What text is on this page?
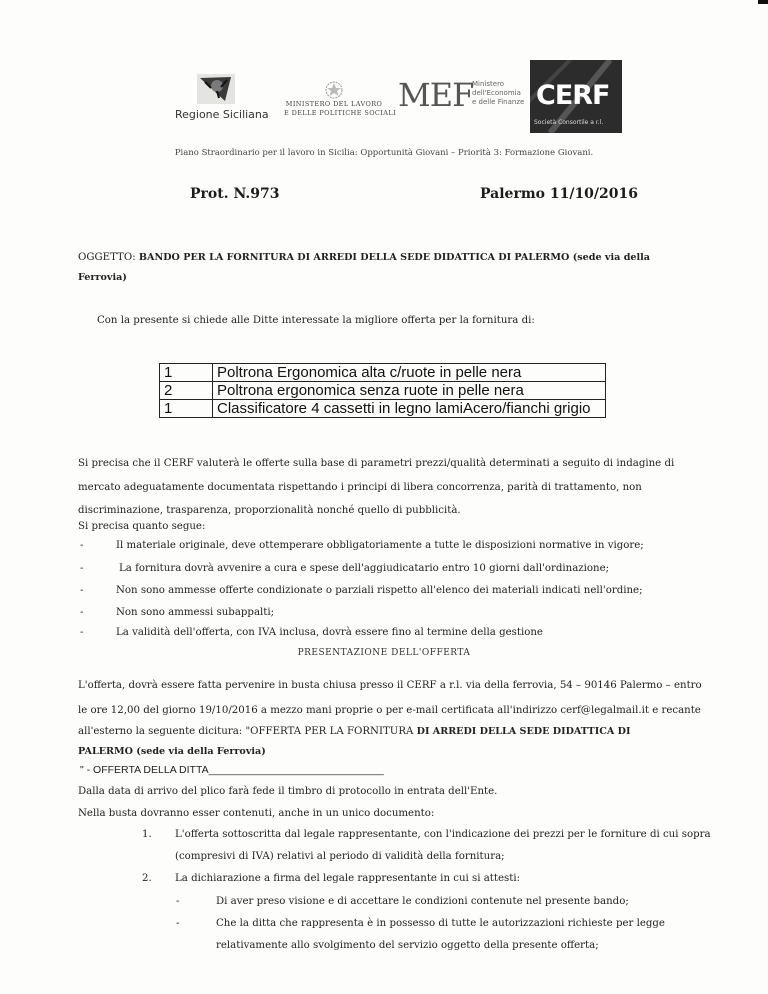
Regione Siciliana
MINISTERO DEL LAVORO
E DELLE POLITICHE SOCIALI MEF
Ministero
dell'Economia
e delle Finanze CERF
Società Consortile a r.l.
Piano Straordinario per il lavoro in Sicilia: Opportunità Giovani – Priorità 3: Formazione Giovani.
Prot. N.973	Palermo 11/10/2016
OGGETTO: BANDO PER LA FORNITURA DI ARREDI DELLA SEDE DIDATTICA DI PALERMO (sede via della Ferrovia)
Con la presente si chiede alle Ditte interessate la migliore offerta per la fornitura di:
1	Poltrona Ergonomica alta c/ruote in pelle nera
2	Poltrona ergonomica senza ruote in pelle nera
1	Classificatore 4 cassetti in legno lamiAcero/fianchi grigio
Si precisa che il CERF valuterà le offerte sulla base di parametri prezzi/qualità determinati a seguito di indagine di
mercato adeguatamente documentata rispettando i principi di libera concorrenza, parità di trattamento, non
discriminazione, trasparenza, proporzionalità nonché quello di pubblicità.
Si precisa quanto segue:
-	Il materiale originale, deve ottemperare obbligatoriamente a tutte le disposizioni normative in vigore;
-	La fornitura dovrà avvenire a cura e spese dell'aggiudicatario entro 10 giorni dall'ordinazione;
-	Non sono ammesse offerte condizionate o parziali rispetto all'elenco dei materiali indicati nell'ordine;
-	Non sono ammessi subappalti;
-	La validità dell'offerta, con IVA inclusa, dovrà essere fino al termine della gestione
PRESENTAZIONE DELL'OFFERTA
L'offerta, dovrà essere fatta pervenire in busta chiusa presso il CERF a r.l. via della ferrovia, 54 – 90146 Palermo – entro
le ore 12,00 del giorno 19/10/2016 a mezzo mani proprie o per e-mail certificata all'indirizzo cerf@legalmail.it e recante
all'esterno la seguente dicitura: "OFFERTA PER LA FORNITURA DI ARREDI DELLA SEDE DIDATTICA DI
PALERMO (sede via della Ferrovia)
" - OFFERTA DELLA DITTA______________________________
Dalla data di arrivo del plico farà fede il timbro di protocollo in entrata dell'Ente.
Nella busta dovranno esser contenuti, anche in un unico documento:
1. L'offerta sottoscritta dal legale rappresentante, con l'indicazione dei prezzi per le forniture di cui sopra
(compresivi di IVA) relativi al periodo di validità della fornitura;
2. La dichiarazione a firma del legale rappresentante in cui si attesti:
-	Di aver preso visione e di accettare le condizioni contenute nel presente bando;
-	Che la ditta che rappresenta è in possesso di tutte le autorizzazioni richieste per legge
relativamente allo svolgimento del servizio oggetto della presente offerta;
